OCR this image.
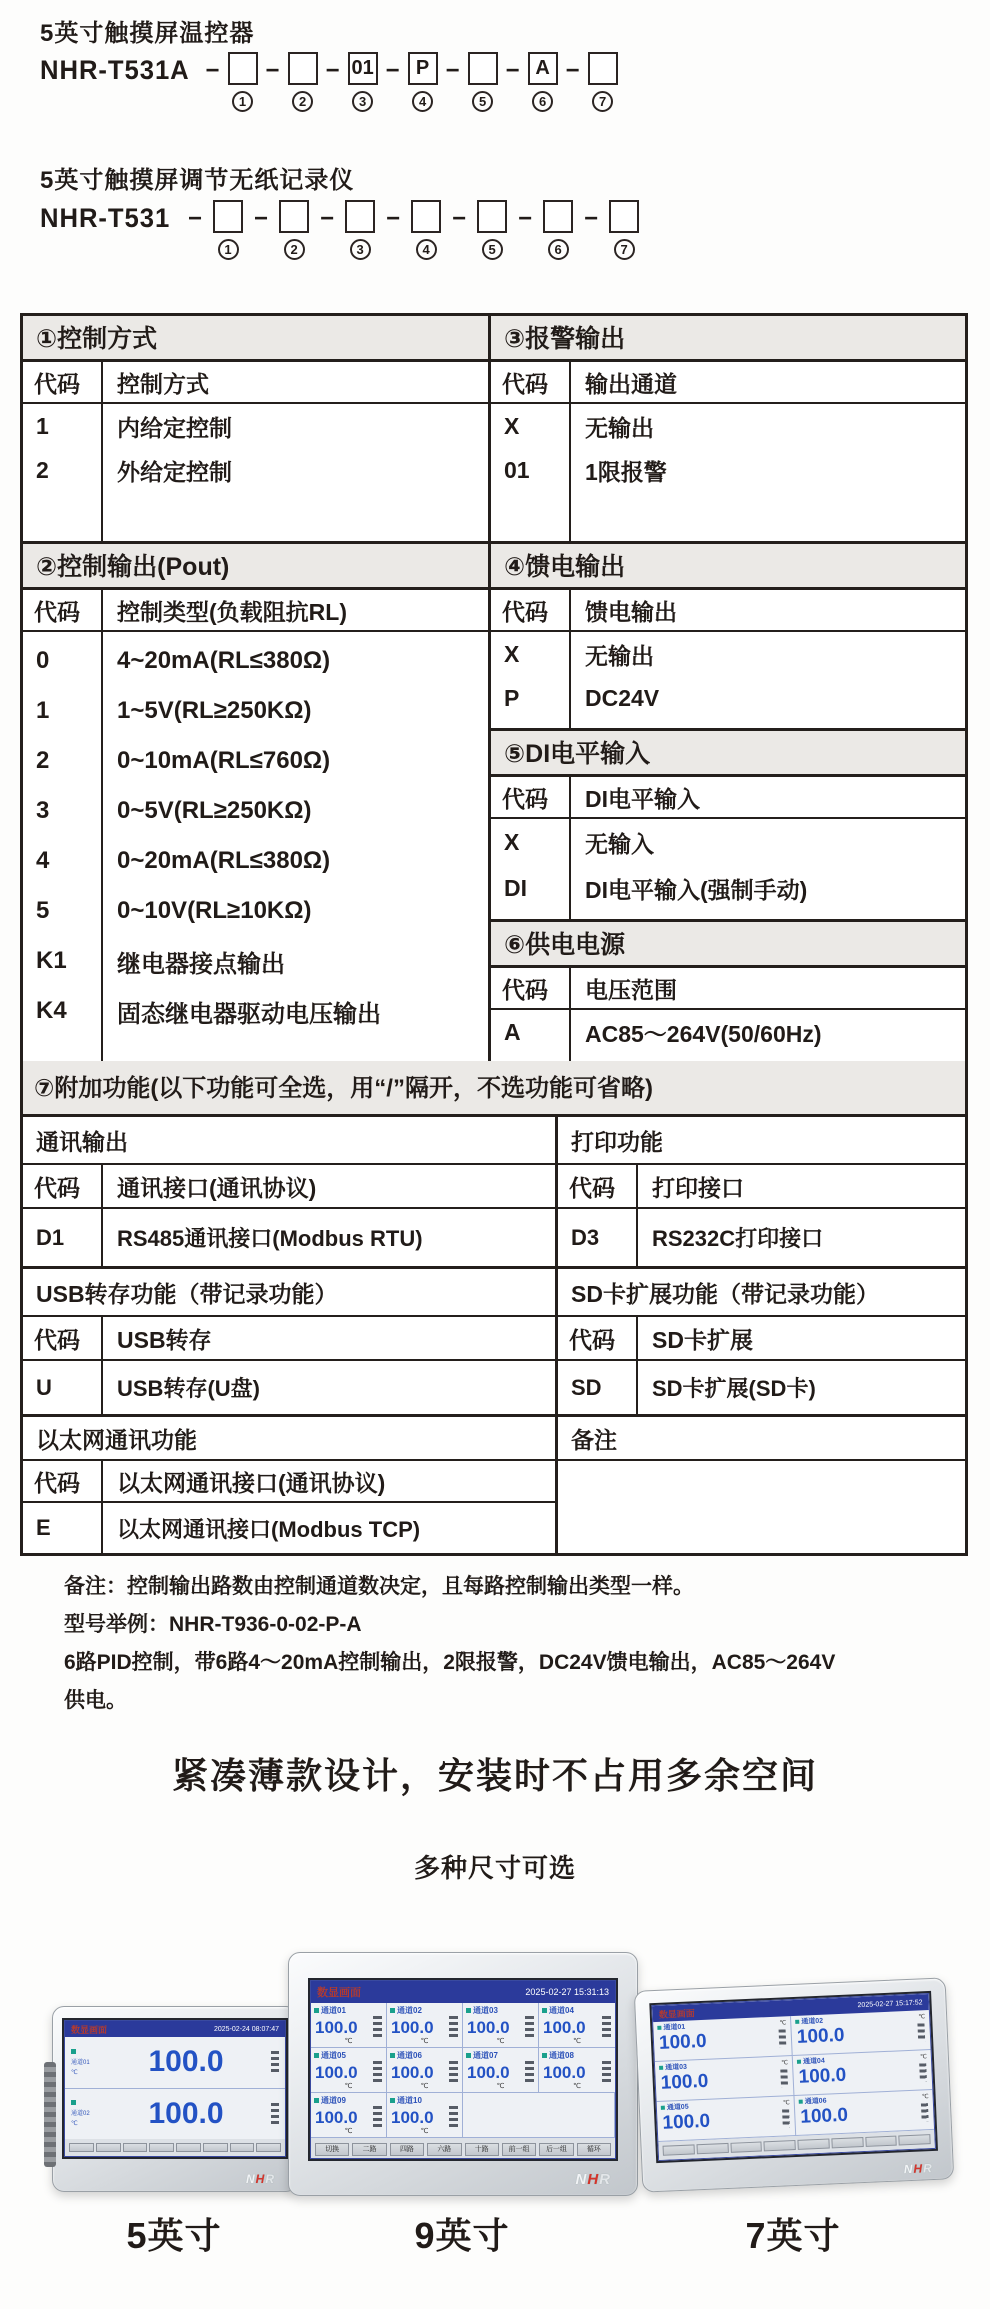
5英寸触摸屏温控器
NHR-T531A −
1
−
2
− 01
3
− P
4
−
5
− A
6
−
7
5英寸触摸屏调节无纸记录仪
NHR-T531 −
1
−
2
−
3
−
4
−
5
−
6
−
7
①控制方式
代码	控制方式
1	内给定控制
2	外给定控制
②控制输出(Pout)
代码	控制类型(负载阻抗RL)
0	4~20mA(RL≤380Ω)
1	1~5V(RL≥250KΩ)
2	0~10mA(RL≤760Ω)
3	0~5V(RL≥250KΩ)
4	0~20mA(RL≤380Ω)
5	0~10V(RL≥10KΩ)
K1	继电器接点输出
K4	固态继电器驱动电压输出
③报警输出
代码	输出通道
X	无输出
01	1限报警
④馈电输出
代码	馈电输出
X	无输出
P	DC24V
⑤DI电平输入
代码	DI电平输入
X	无输入
DI	DI电平输入(强制手动)
⑥供电电源
代码	电压范围
A	AC85～264V(50/60Hz)
⑦附加功能(以下功能可全选，用“/”隔开，不选功能可省略)
通讯输出
代码	通讯接口(通讯协议)
D1	RS485通讯接口(Modbus RTU)
打印功能
代码	打印接口
D3	RS232C打印接口
USB转存功能（带记录功能）
代码	USB转存
U	USB转存(U盘)
SD卡扩展功能（带记录功能）
代码	SD卡扩展
SD	SD卡扩展(SD卡)
以太网通讯功能
代码	以太网通讯接口(通讯协议)
E	以太网通讯接口(Modbus TCP)
备注
备注：控制输出路数由控制通道数决定，且每路控制输出类型一样。
型号举例：NHR-T936-0-02-P-A
6路PID控制，带6路4～20mA控制输出，2限报警，DC24V馈电输出，AC85～264V
供电。
紧凑薄款设计，安装时不占用多余空间
多种尺寸可选
数显画面	2025-02-24 08:07:47
通道01
℃	100.0
通道02
℃	100.0
NHR
数显画面	2025-02-27 15:31:13
通道01
100.0
℃
通道02
100.0
℃
通道03
100.0
℃
通道04
100.0
℃
通道05
100.0
℃
通道06
100.0
℃
通道07
100.0
℃
通道08
100.0
℃
通道09
100.0
℃
通道10
100.0
℃
切换	二路	四路	六路	十路	前一组	后一组	循环
NHR
数显画面
2025-02-27 15:17:52
通道01
℃
100.0
通道02
℃
100.0
通道03
℃
100.0
通道04
℃
100.0
通道05
℃
100.0
通道06
℃
100.0
NHR
5英寸	9英寸	7英寸
